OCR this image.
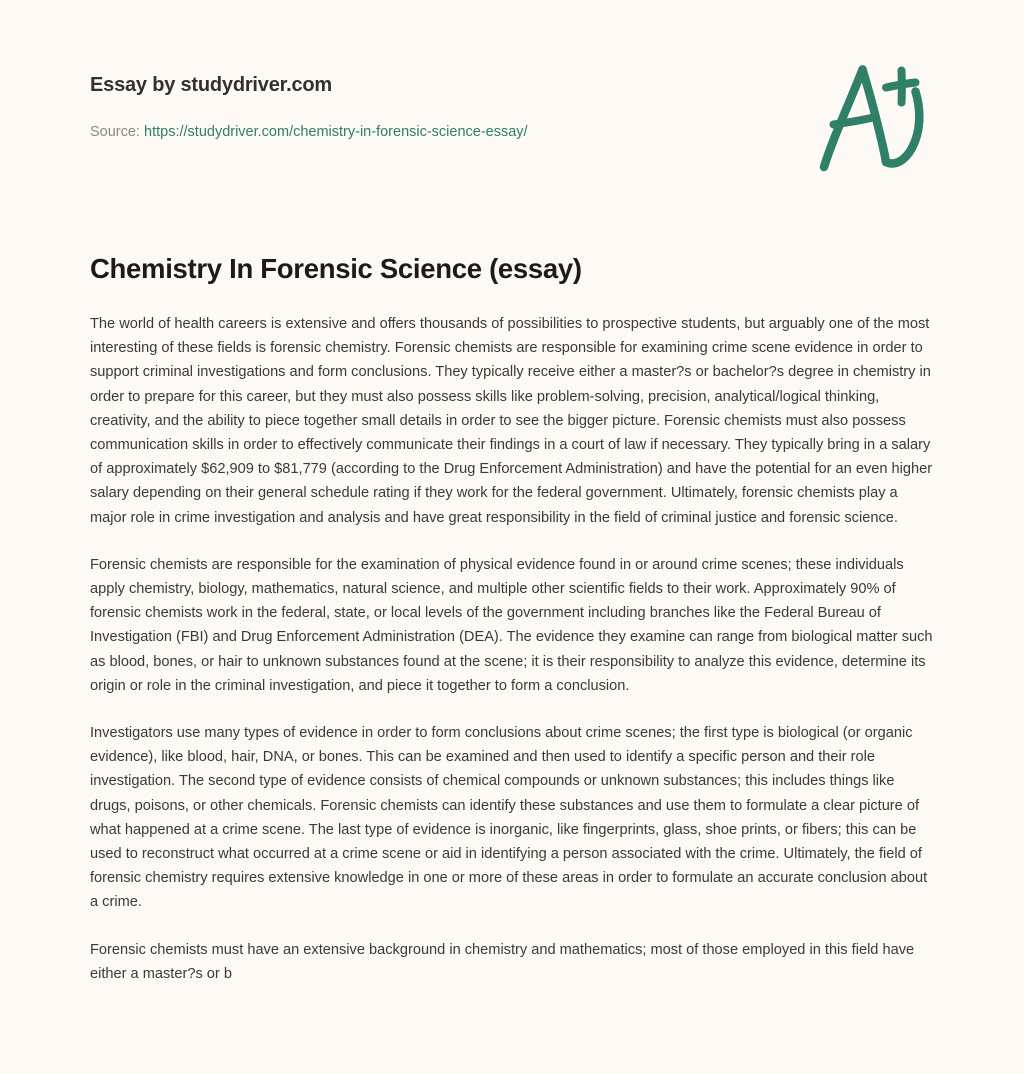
Essay by studydriver.com
Source: https://studydriver.com/chemistry-in-forensic-science-essay/
Chemistry In Forensic Science (essay)

The world of health careers is extensive and offers thousands of possibilities to prospective students, but arguably one of the most interesting of these fields is forensic chemistry. Forensic chemists are responsible for examining crime scene evidence in order to support criminal investigations and form conclusions. They typically receive either a master?s or bachelor?s degree in chemistry in order to prepare for this career, but they must also possess skills like problem-solving, precision, analytical/logical thinking, creativity, and the ability to piece together small details in order to see the bigger picture. Forensic chemists must also possess communication skills in order to effectively communicate their findings in a court of law if necessary. They typically bring in a salary of approximately $62,909 to $81,779 (according to the Drug Enforcement Administration) and have the potential for an even higher salary depending on their general schedule rating if they work for the federal government. Ultimately, forensic chemists play a major role in crime investigation and analysis and have great responsibility in the field of criminal justice and forensic science.

Forensic chemists are responsible for the examination of physical evidence found in or around crime scenes; these individuals apply chemistry, biology, mathematics, natural science, and multiple other scientific fields to their work. Approximately 90% of forensic chemists work in the federal, state, or local levels of the government including branches like the Federal Bureau of Investigation (FBI) and Drug Enforcement Administration (DEA). The evidence they examine can range from biological matter such as blood, bones, or hair to unknown substances found at the scene; it is their responsibility to analyze this evidence, determine its origin or role in the criminal investigation, and piece it together to form a conclusion.

Investigators use many types of evidence in order to form conclusions about crime scenes; the first type is biological (or organic evidence), like blood, hair, DNA, or bones. This can be examined and then used to identify a specific person and their role investigation. The second type of evidence consists of chemical compounds or unknown substances; this includes things like drugs, poisons, or other chemicals. Forensic chemists can identify these substances and use them to formulate a clear picture of what happened at a crime scene. The last type of evidence is inorganic, like fingerprints, glass, shoe prints, or fibers; this can be used to reconstruct what occurred at a crime scene or aid in identifying a person associated with the crime. Ultimately, the field of forensic chemistry requires extensive knowledge in one or more of these areas in order to formulate an accurate conclusion about a crime.

Forensic chemists must have an extensive background in chemistry and mathematics; most of those employed in this field have either a master?s or b
